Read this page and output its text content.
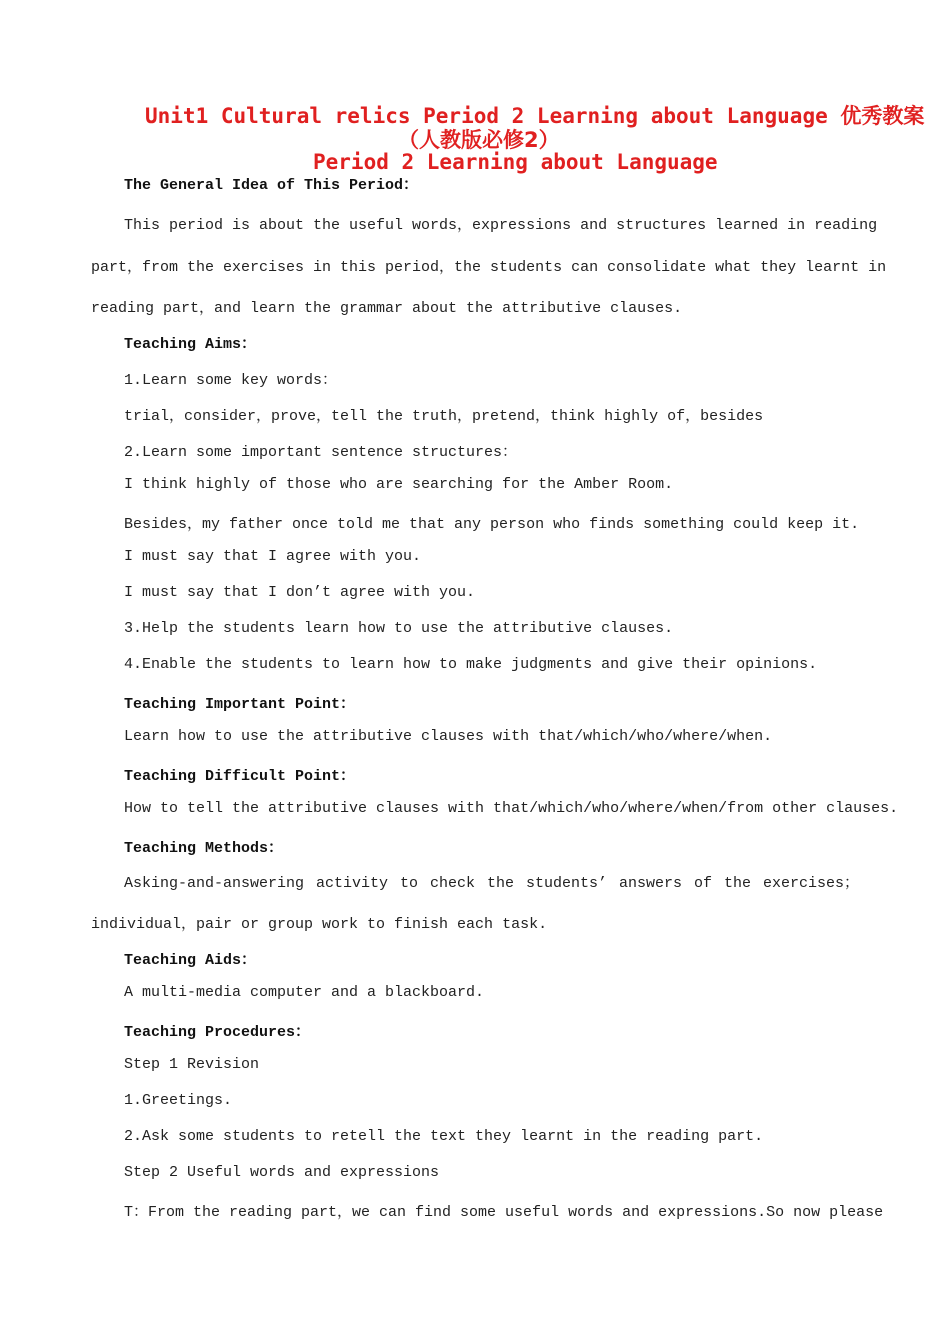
Unit1 Cultural relics Period 2 Learning about Language 优秀教案
（人教版必修2）
Period 2 Learning about Language
The General Idea of This Period：
This period is about the useful words，expressions and structures learned in reading
part，from the exercises in this period，the students can consolidate what they learnt in
reading part，and learn the grammar about the attributive clauses.
Teaching Aims：
1.Learn some key words：
trial，consider，prove，tell the truth，pretend，think highly of，besides
2.Learn some important sentence structures：
I think highly of those who are searching for the Amber Room.
Besides，my father once told me that any person who finds something could keep it.
I must say that I agree with you.
I must say that I don’t agree with you.
3.Help the students learn how to use the attributive clauses.
4.Enable the students to learn how to make judgments and give their opinions.
Teaching Important Point：
Learn how to use the attributive clauses with that/which/who/where/when.
Teaching Difficult Point：
How to tell the attributive clauses with that/which/who/where/when/from other clauses.
Teaching Methods：
Asking-and-answering activity to check the students’ answers of the exercises；
individual，pair or group work to finish each task.
Teaching Aids：
A multi-media computer and a blackboard.
Teaching Procedures：
Step 1 Revision
1.Greetings.
2.Ask some students to retell the text they learnt in the reading part.
Step 2 Useful words and expressions
T：From the reading part，we can find some useful words and expressions.So now please
